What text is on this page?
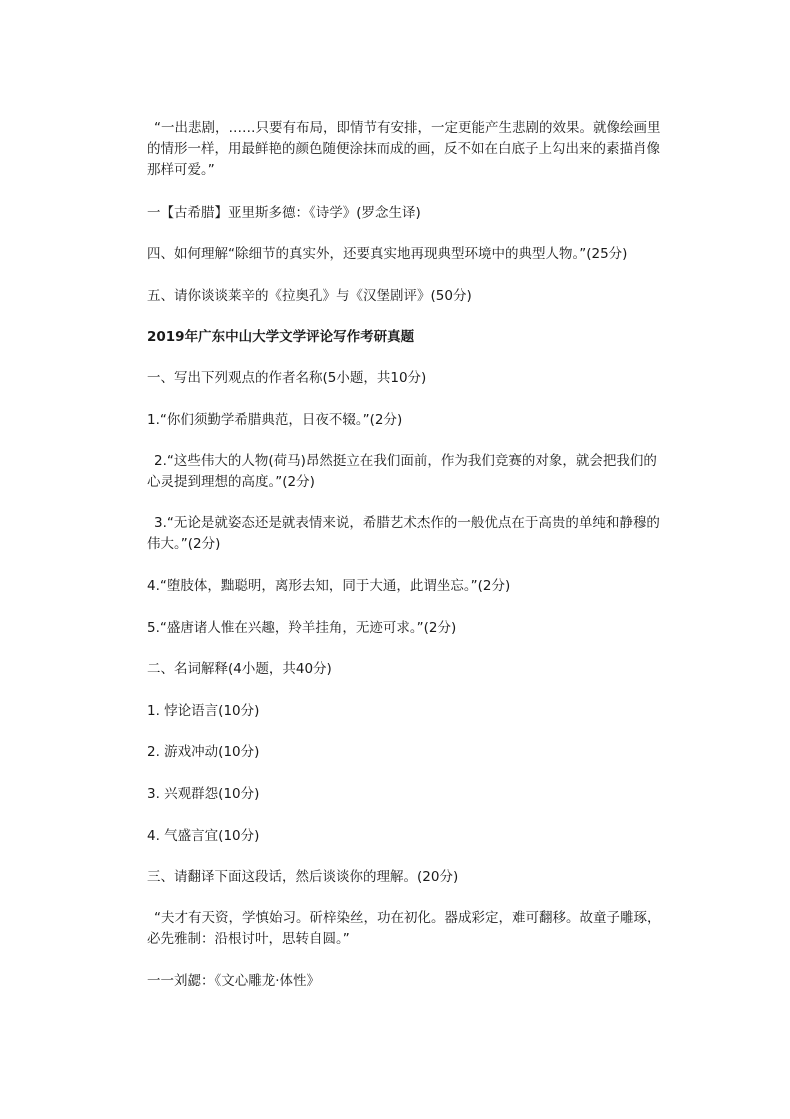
“一出悲剧，……只要有布局，即情节有安排，一定更能产生悲剧的效果。就像绘画里的情形一样，用最鲜艳的颜色随便涂抹而成的画，反不如在白底子上勾出来的素描肖像那样可爱。”
一【古希腊】亚里斯多德：《诗学》(罗念生译)
四、如何理解“除细节的真实外，还要真实地再现典型环境中的典型人物。”(25分)
五、请你谈谈莱辛的《拉奥孔》与《汉堡剧评》(50分)
2019年广东中山大学文学评论写作考研真题
一、写出下列观点的作者名称(5小题，共10分)
1.“你们须勤学希腊典范，日夜不辍。”(2分)
2.“这些伟大的人物(荷马)昂然挺立在我们面前，作为我们竞赛的对象，就会把我们的心灵提到理想的高度。”(2分)
3.“无论是就姿态还是就表情来说，希腊艺术杰作的一般优点在于高贵的单纯和静穆的伟大。”(2分)
4.“堕肢体，黜聪明，离形去知，同于大通，此谓坐忘。”(2分)
5.“盛唐诸人惟在兴趣，羚羊挂角，无迹可求。”(2分)
二、名词解释(4小题，共40分)
1. 悖论语言(10分)
2. 游戏冲动(10分)
3. 兴观群怨(10分)
4. 气盛言宜(10分)
三、请翻译下面这段话，然后谈谈你的理解。(20分)
“夫才有天资，学慎始习。斫梓染丝，功在初化。器成彩定，难可翻移。故童子雕琢，必先雅制：沿根讨叶，思转自圆。”
一一刘勰：《文心雕龙·体性》
